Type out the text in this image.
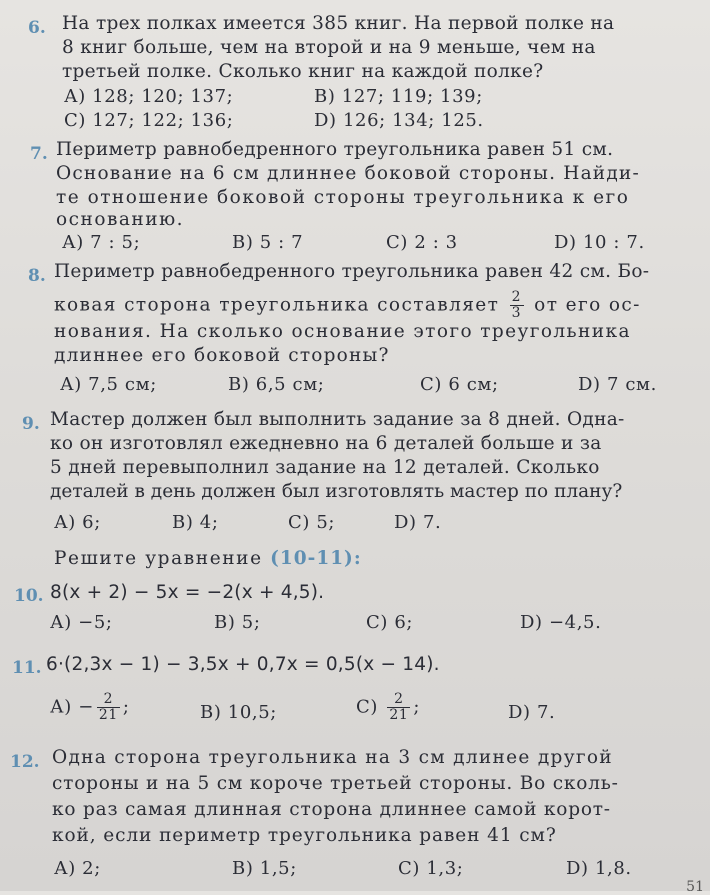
6. На трех полках имеется 385 книг. На первой полке на
8 книг больше, чем на второй и на 9 меньше, чем на
третьей полке. Сколько книг на каждой полке?
А) 128; 120; 137;	В) 127; 119; 139;
С) 127; 122; 136;	D) 126; 134; 125.
7. Периметр равнобедренного треугольника равен 51 см.
Основание на 6 см длиннее боковой стороны. Найди-
те отношение боковой стороны треугольника к его
основанию.
А) 7 : 5;	В) 5 : 7	С) 2 : 3	D) 10 : 7.
8. Периметр равнобедренного треугольника равен 42 см. Бо-
ковая сторона треугольника составляет $\frac{2}{3}$ от его ос-
нования. На сколько основание этого треугольника
длиннее его боковой стороны?
А) 7,5 см;	В) 6,5 см;	С) 6 см;	D) 7 см.
9. Мастер должен был выполнить задание за 8 дней. Одна-
ко он изготовлял ежедневно на 6 деталей больше и за
5 дней перевыполнил задание на 12 деталей. Сколько
деталей в день должен был изготовлять мастер по плану?
А) 6;	В) 4;	С) 5;	D) 7.
Решите уравнение (10-11):
10. 8(x + 2) − 5x = −2(x + 4,5).
А) −5;	В) 5;	С) 6;	D) −4,5.
11. 6·(2,3x − 1) − 3,5x + 0,7x = 0,5(x − 14).
$А) - \frac{2}{21}$ ;	В) 10,5;	$С) \frac{2}{21}$ ;	D) 7.
12. Одна сторона треугольника на 3 см длинее другой
стороны и на 5 см короче третьей стороны. Во сколь-
ко раз самая длинная сторона длиннее самой корот-
кой, если периметр треугольника равен 41 см?
А) 2;	В) 1,5;	С) 1,3;	D) 1,8.
51
